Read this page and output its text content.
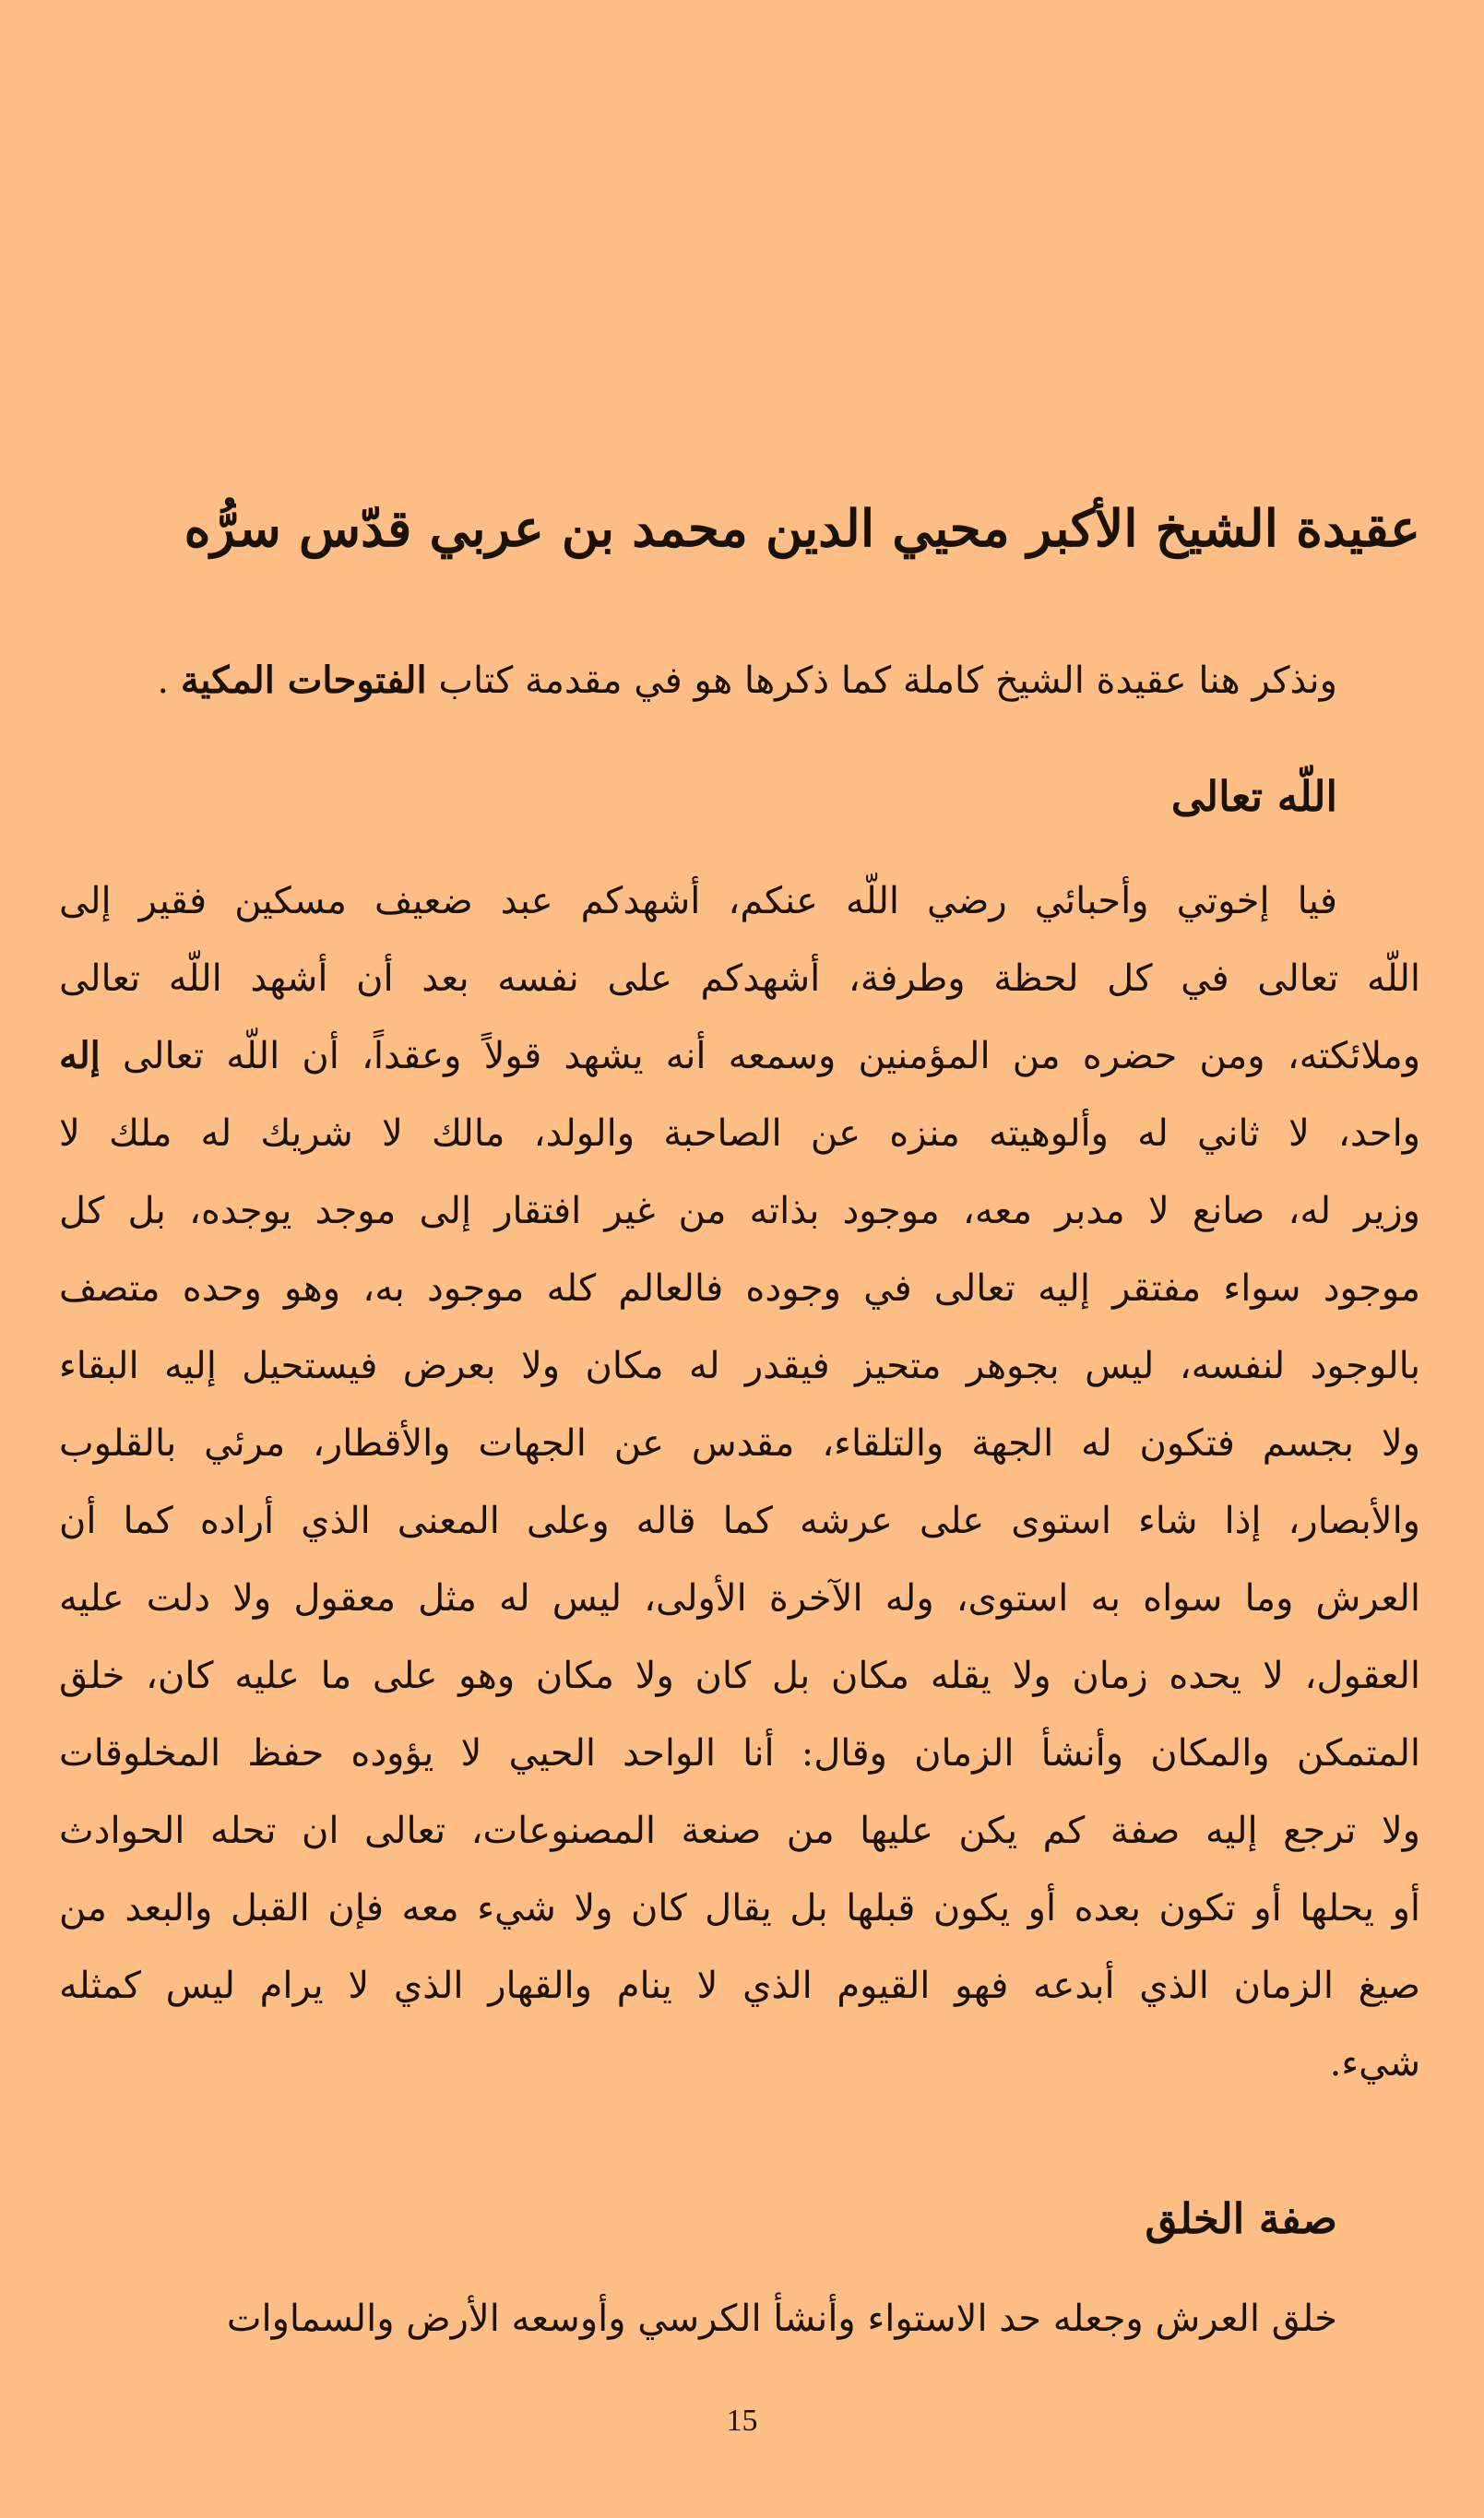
عقيدة الشيخ الأكبر محيي الدين محمد بن عربي قدّس سرُّه

ونذكر هنا عقيدة الشيخ كاملة كما ذكرها هو في مقدمة كتاب الفتوحات المكية .

اللّه تعالى
فيا إخوتي وأحبائي رضي اللّه عنكم، أشهدكم عبد ضعيف مسكين فقير إلى
اللّه تعالى في كل لحظة وطرفة، أشهدكم على نفسه بعد أن أشهد اللّه تعالى
وملائكته، ومن حضره من المؤمنين وسمعه أنه يشهد قولاً وعقداً، أن اللّه تعالى إله
واحد، لا ثاني له وألوهيته منزه عن الصاحبة والولد، مالك لا شريك له ملك لا
وزير له، صانع لا مدبر معه، موجود بذاته من غير افتقار إلى موجد يوجده، بل كل
موجود سواء مفتقر إليه تعالى في وجوده فالعالم كله موجود به، وهو وحده متصف
بالوجود لنفسه، ليس بجوهر متحيز فيقدر له مكان ولا بعرض فيستحيل إليه البقاء
ولا بجسم فتكون له الجهة والتلقاء، مقدس عن الجهات والأقطار، مرئي بالقلوب
والأبصار، إذا شاء استوى على عرشه كما قاله وعلى المعنى الذي أراده كما أن
العرش وما سواه به استوى، وله الآخرة الأولى، ليس له مثل معقول ولا دلت عليه
العقول، لا يحده زمان ولا يقله مكان بل كان ولا مكان وهو على ما عليه كان، خلق
المتمكن والمكان وأنشأ الزمان وقال: أنا الواحد الحيي لا يؤوده حفظ المخلوقات
ولا ترجع إليه صفة كم يكن عليها من صنعة المصنوعات، تعالى ان تحله الحوادث
أو يحلها أو تكون بعده أو يكون قبلها بل يقال كان ولا شيء معه فإن القبل والبعد من
صيغ الزمان الذي أبدعه فهو القيوم الذي لا ينام والقهار الذي لا يرام ليس كمثله
شيء.
صفة الخلق

خلق العرش وجعله حد الاستواء وأنشأ الكرسي وأوسعه الأرض والسماوات

15
